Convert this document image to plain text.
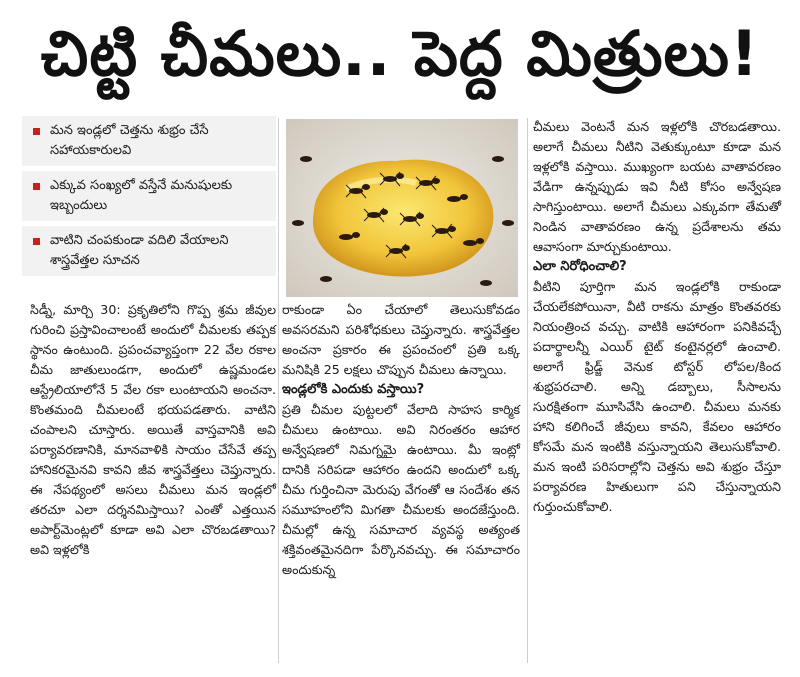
చిట్టి చీమలు.. పెద్ద మిత్రులు!
మన ఇండ్లలో చెత్తను శుభ్రం చేసే సహాయకారులవి
ఎక్కువ సంఖ్యలో వస్తేనే మనుషులకు ఇబ్బందులు
వాటిని చంపకుండా వదిలి వేయాలని శాస్త్రవేత్తల సూచన

సిడ్నీ, మార్చి 30: ప్రకృతిలోని గొప్ప శ్రమ జీవుల గురించి ప్రస్తావించాలంటే అందులో చీమలకు తప్పక స్థానం ఉంటుంది. ప్రపంచవ్యాప్తంగా 22 వేల రకాల చీమ జాతులుండగా, అందులో ఉష్ణమండల ఆస్ట్రేలియాలోనే 5 వేల రకా లుంటాయని అంచనా. కొంతమంది చీమలంటే భయపడతారు. వాటిని చంపాలని చూస్తారు. అయితే వాస్తవానికి అవి పర్యావరణానికి, మానవాళికి సాయం చేసేవే తప్ప హానికరమైనవి కావని జీవ శాస్త్రవేత్తలు చెప్తున్నారు. ఈ నేపథ్యంలో అసలు చీమలు మన ఇండ్లలో తరచూ ఎలా దర్శనమిస్తాయి? ఎంతో ఎత్తయిన అపార్ట్‌మెంట్లలో కూడా అవి ఎలా చొరబడతాయి? అవి ఇళ్లలోకి

రాకుండా ఏం చేయాలో తెలుసుకోవడం అవసరమని పరిశోధకులు చెప్తున్నారు. శాస్త్రవేత్తల అంచనా ప్రకారం ఈ ప్రపంచంలో ప్రతి ఒక్క మనిషికి 25 లక్షలు చొప్పున చీమలు ఉన్నాయి.

ఇండ్లలోకి ఎందుకు వస్తాయి?

ప్రతి చీమల పుట్టలలో వేలాది సాహస కార్మిక చీమలు ఉంటాయి. అవి నిరంతరం ఆహార అన్వేషణలో నిమగ్నమై ఉంటాయి. మీ ఇంట్లో దానికి సరిపడా ఆహారం ఉందని అందులో ఒక్క చీమ గుర్తించినా మెరుపు వేగంతో ఆ సందేశం తన సమూహంలోని మిగతా చీమలకు అందజేస్తుంది. చీమల్లో ఉన్న సమాచార వ్యవస్థ అత్యంత శక్తివంతమైనదిగా పేర్కొనవచ్చు. ఈ సమాచారం అందుకున్న

చీమలు వెంటనే మన ఇళ్లలోకి చొరబడతాయి. అలాగే చీమలు నీటిని వెతుక్కుంటూ కూడా మన ఇళ్లలోకి వస్తాయి. ముఖ్యంగా బయట వాతావరణం వేడిగా ఉన్నప్పుడు ఇవి నీటి కోసం అన్వేషణ సాగిస్తుంటాయి. అలాగే చీమలు ఎక్కువగా తేమతో నిండిన వాతావరణం ఉన్న ప్రదేశాలను తమ ఆవాసంగా మార్చుకుంటాయి.

ఎలా నిరోధించాలి?

వీటిని పూర్తిగా మన ఇండ్లలోకి రాకుండా చేయలేకపోయినా, వీటి రాకను మాత్రం కొంతవరకు నియంత్రించ వచ్చు. వాటికి ఆహారంగా పనికివచ్చే పదార్థాలన్నీ ఎయిర్ టైట్ కంటైనర్లలో ఉంచాలి. అలాగే ఫ్రిడ్జ్ వెనుక టోస్టర్ లోపల/కింద శుభ్రపరచాలి. అన్ని డబ్బాలు, సీసాలను సురక్షితంగా మూసివేసి ఉంచాలి. చీమలు మనకు హాని కలిగించే జీవులు కావని, కేవలం ఆహారం కోసమే మన ఇంటికి వస్తున్నాయని తెలుసుకోవాలి. మన ఇంటి పరిసరాల్లోని చెత్తను అవి శుభ్రం చేస్తూ పర్యావరణ హితులుగా పని చేస్తున్నాయని గుర్తుంచుకోవాలి.
